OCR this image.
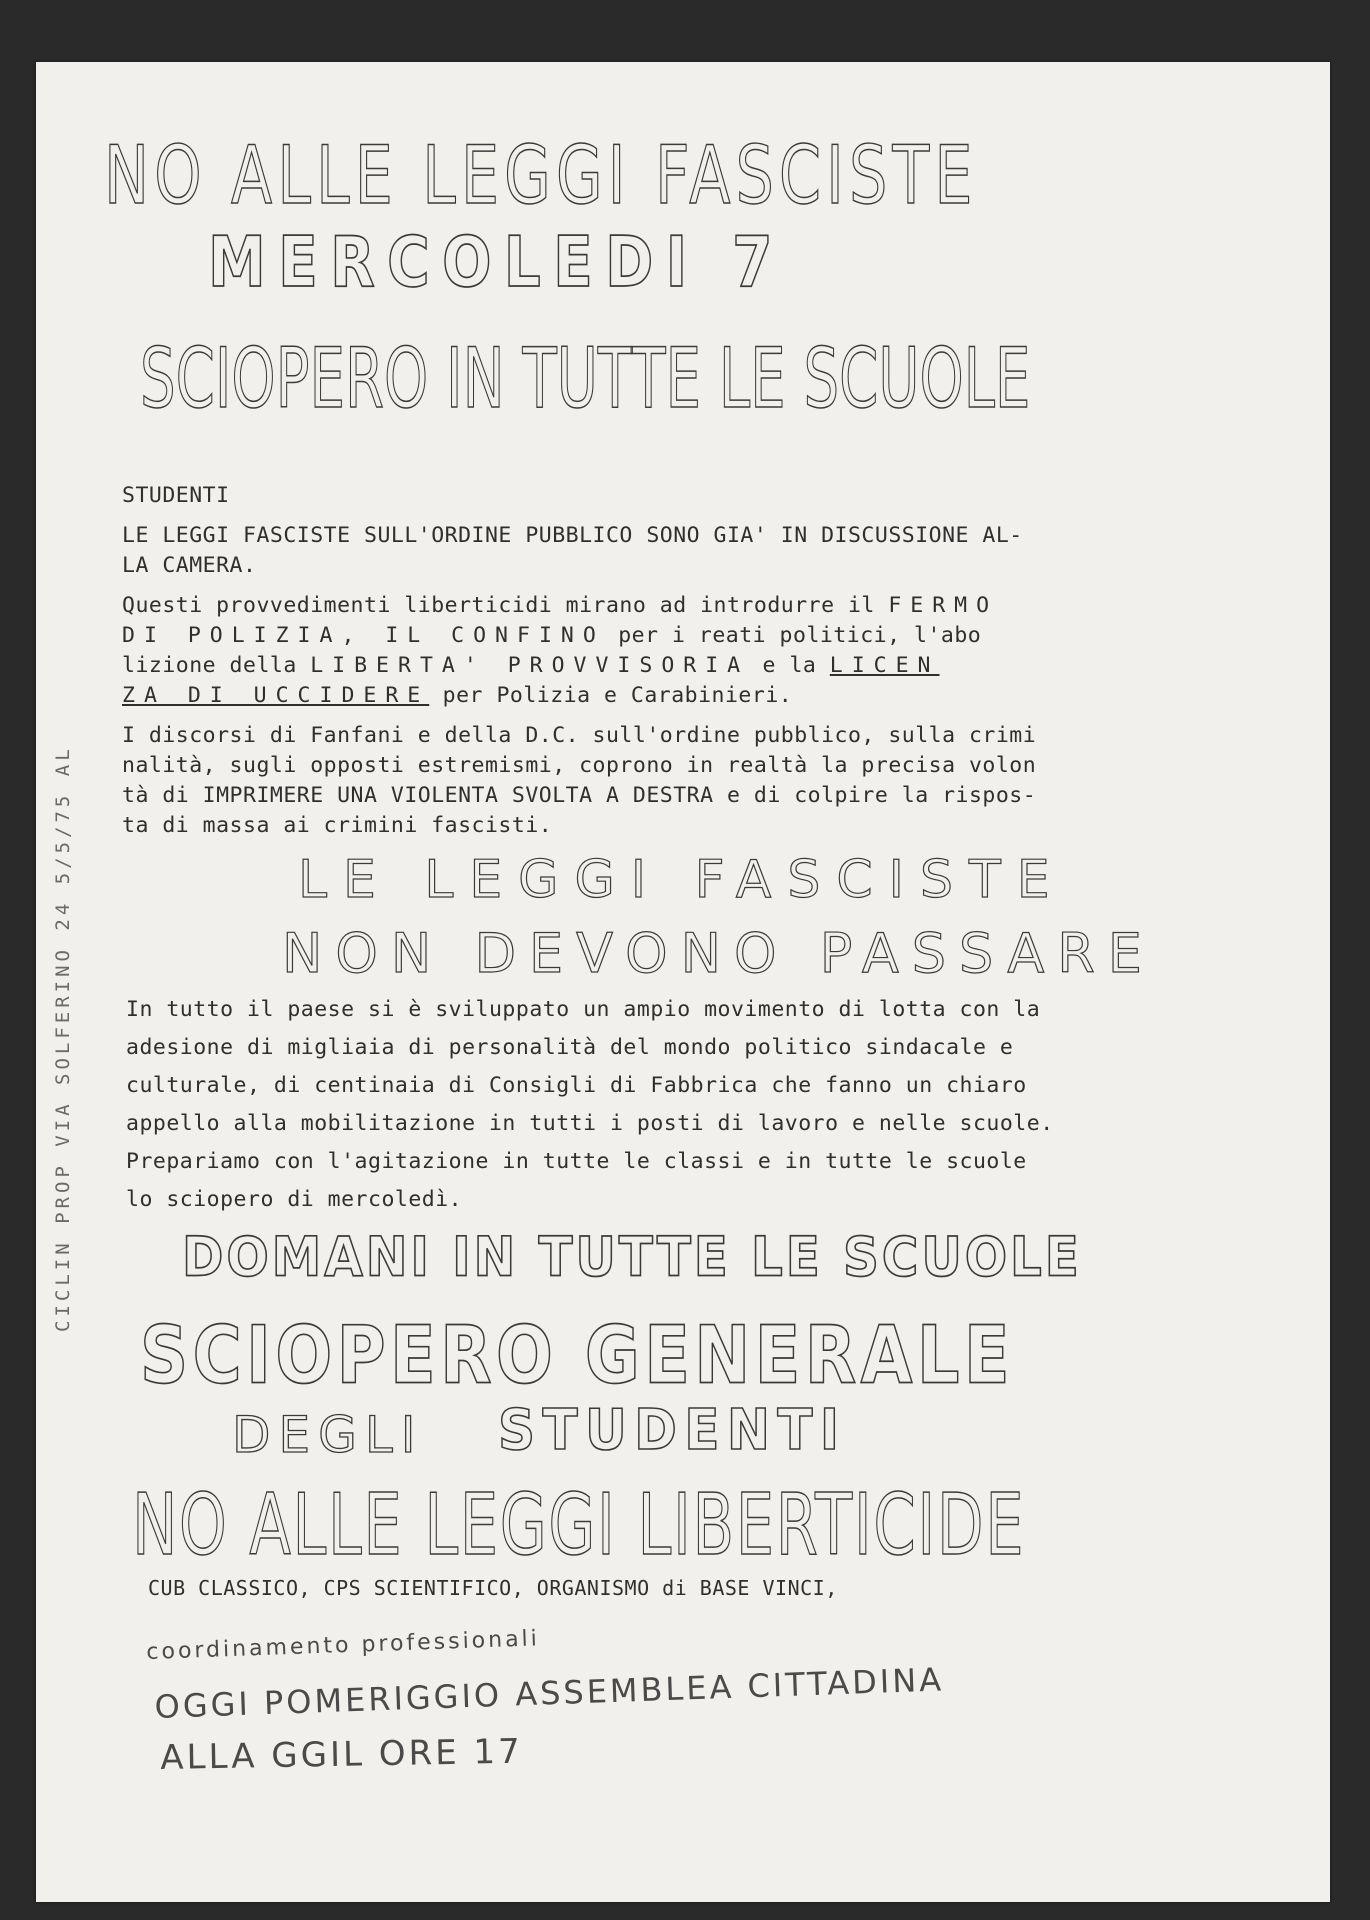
NO ALLE LEGGI FASCISTE
MERCOLEDI 7
SCIOPERO IN TUTTE LE SCUOLE

STUDENTI

LE LEGGI FASCISTE SULL'ORDINE PUBBLICO SONO GIA' IN DISCUSSIONE AL-

LA CAMERA.

Questi provvedimenti liberticidi mirano ad introdurre il FERMO

DI POLIZIA, IL CONFINO per i reati politici, l'abo

lizione della LIBERTA' PROVVISORIA e la LICEN

ZA DI UCCIDERE per Polizia e Carabinieri.

I discorsi di Fanfani e della D.C. sull'ordine pubblico, sulla crimi

nalità, sugli opposti estremismi, coprono in realtà la precisa volon

tà di IMPRIMERE UNA VIOLENTA SVOLTA A DESTRA e di colpire la rispos-

ta di massa ai crimini fascisti.

LE LEGGI FASCISTE
NON DEVONO PASSARE

In tutto il paese si è sviluppato un ampio movimento di lotta con la

adesione di migliaia di personalità del mondo politico sindacale e

culturale, di centinaia di Consigli di Fabbrica che fanno un chiaro

appello alla mobilitazione in tutti i posti di lavoro e nelle scuole.

Prepariamo con l'agitazione in tutte le classi e in tutte le scuole

lo sciopero di mercoledì.

DOMANI IN TUTTE LE SCUOLE
SCIOPERO GENERALE
DEGLI STUDENTI
NO ALLE LEGGI LIBERTICIDE

CUB CLASSICO, CPS SCIENTIFICO, ORGANISMO di BASE VINCI,

coordinamento professionali

OGGI POMERIGGIO ASSEMBLEA CITTADINA

ALLA GGIL ORE 17

CICLIN PROP VIA SOLFERINO 24 5/5/75 AL
